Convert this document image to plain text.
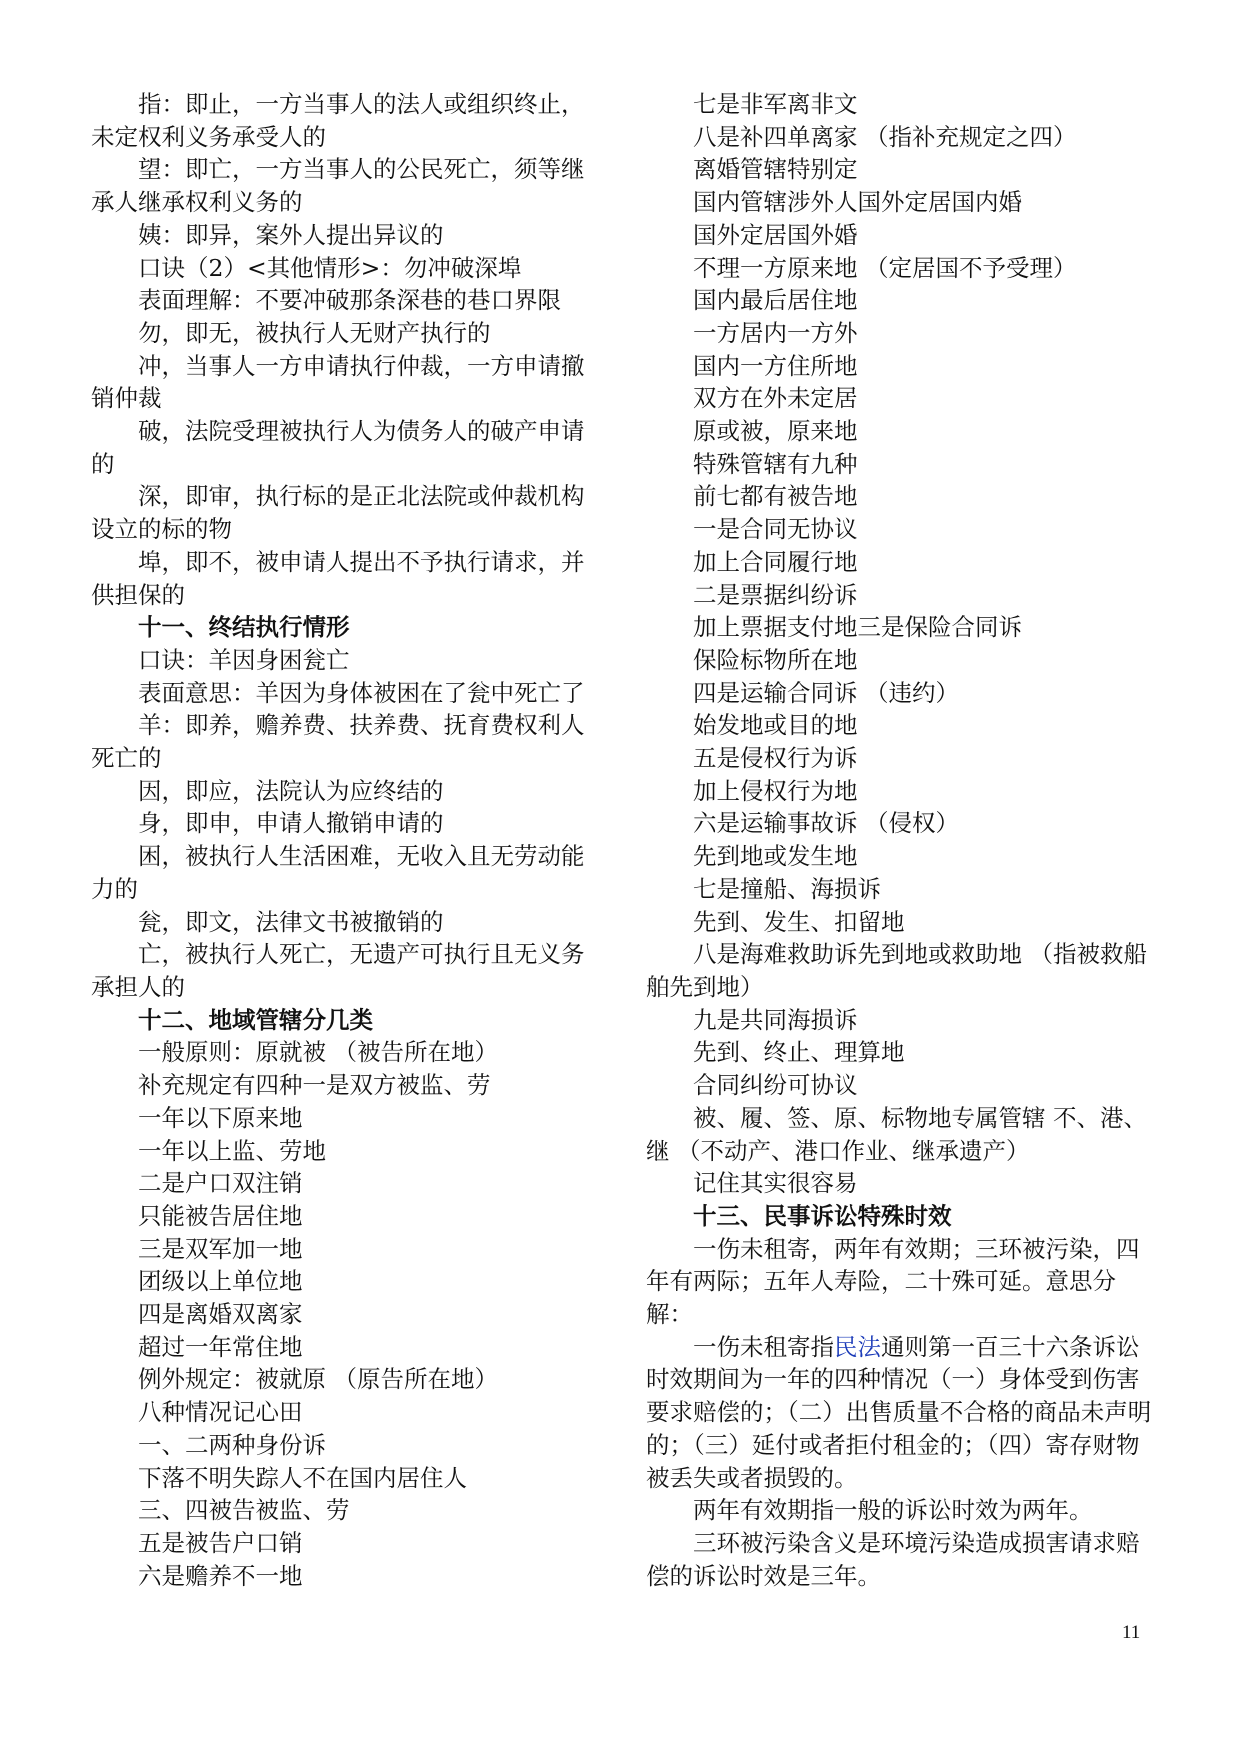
指：即止，一方当事人的法人或组织终止，未定权利义务承受人的

望：即亡，一方当事人的公民死亡，须等继承人继承权利义务的

姨：即异，案外人提出异议的

口诀（2）<其他情形>：勿冲破深埠

表面理解：不要冲破那条深巷的巷口界限

勿，即无，被执行人无财产执行的

冲，当事人一方申请执行仲裁，一方申请撤销仲裁

破，法院受理被执行人为债务人的破产申请的

深，即审，执行标的是正北法院或仲裁机构设立的标的物

埠，即不，被申请人提出不予执行请求，并供担保的

十一、终结执行情形

口诀：羊因身困瓮亡

表面意思：羊因为身体被困在了瓮中死亡了

羊：即养，赡养费、扶养费、抚育费权利人死亡的

因，即应，法院认为应终结的

身，即申，申请人撤销申请的

困，被执行人生活困难，无收入且无劳动能力的

瓮，即文，法律文书被撤销的

亡，被执行人死亡，无遗产可执行且无义务承担人的

十二、地域管辖分几类

一般原则：原就被 （被告所在地）

补充规定有四种一是双方被监、劳

一年以下原来地

一年以上监、劳地

二是户口双注销

只能被告居住地

三是双军加一地

团级以上单位地

四是离婚双离家

超过一年常住地

例外规定：被就原 （原告所在地）

八种情况记心田

一、二两种身份诉

下落不明失踪人不在国内居住人

三、四被告被监、劳

五是被告户口销

六是赡养不一地

七是非军离非文

八是补四单离家 （指补充规定之四）

离婚管辖特别定

国内管辖涉外人国外定居国内婚

国外定居国外婚

不理一方原来地 （定居国不予受理）

国内最后居住地

一方居内一方外

国内一方住所地

双方在外未定居

原或被，原来地

特殊管辖有九种

前七都有被告地

一是合同无协议

加上合同履行地

二是票据纠纷诉

加上票据支付地三是保险合同诉

保险标物所在地

四是运输合同诉 （违约）

始发地或目的地

五是侵权行为诉

加上侵权行为地

六是运输事故诉 （侵权）

先到地或发生地

七是撞船、海损诉

先到、发生、扣留地

八是海难救助诉先到地或救助地 （指被救船舶先到地）

九是共同海损诉

先到、终止、理算地

合同纠纷可协议

被、履、签、原、标物地专属管辖 不、港、继 （不动产、港口作业、继承遗产）

记住其实很容易

十三、民事诉讼特殊时效

一伤未租寄，两年有效期；三环被污染，四年有两际；五年人寿险，二十殊可延。意思分解：

一伤未租寄指民法通则第一百三十六条诉讼时效期间为一年的四种情况（一）身体受到伤害要求赔偿的；（二）出售质量不合格的商品未声明的；（三）延付或者拒付租金的；（四）寄存财物被丢失或者损毁的。

两年有效期指一般的诉讼时效为两年。

三环被污染含义是环境污染造成损害请求赔偿的诉讼时效是三年。

11
